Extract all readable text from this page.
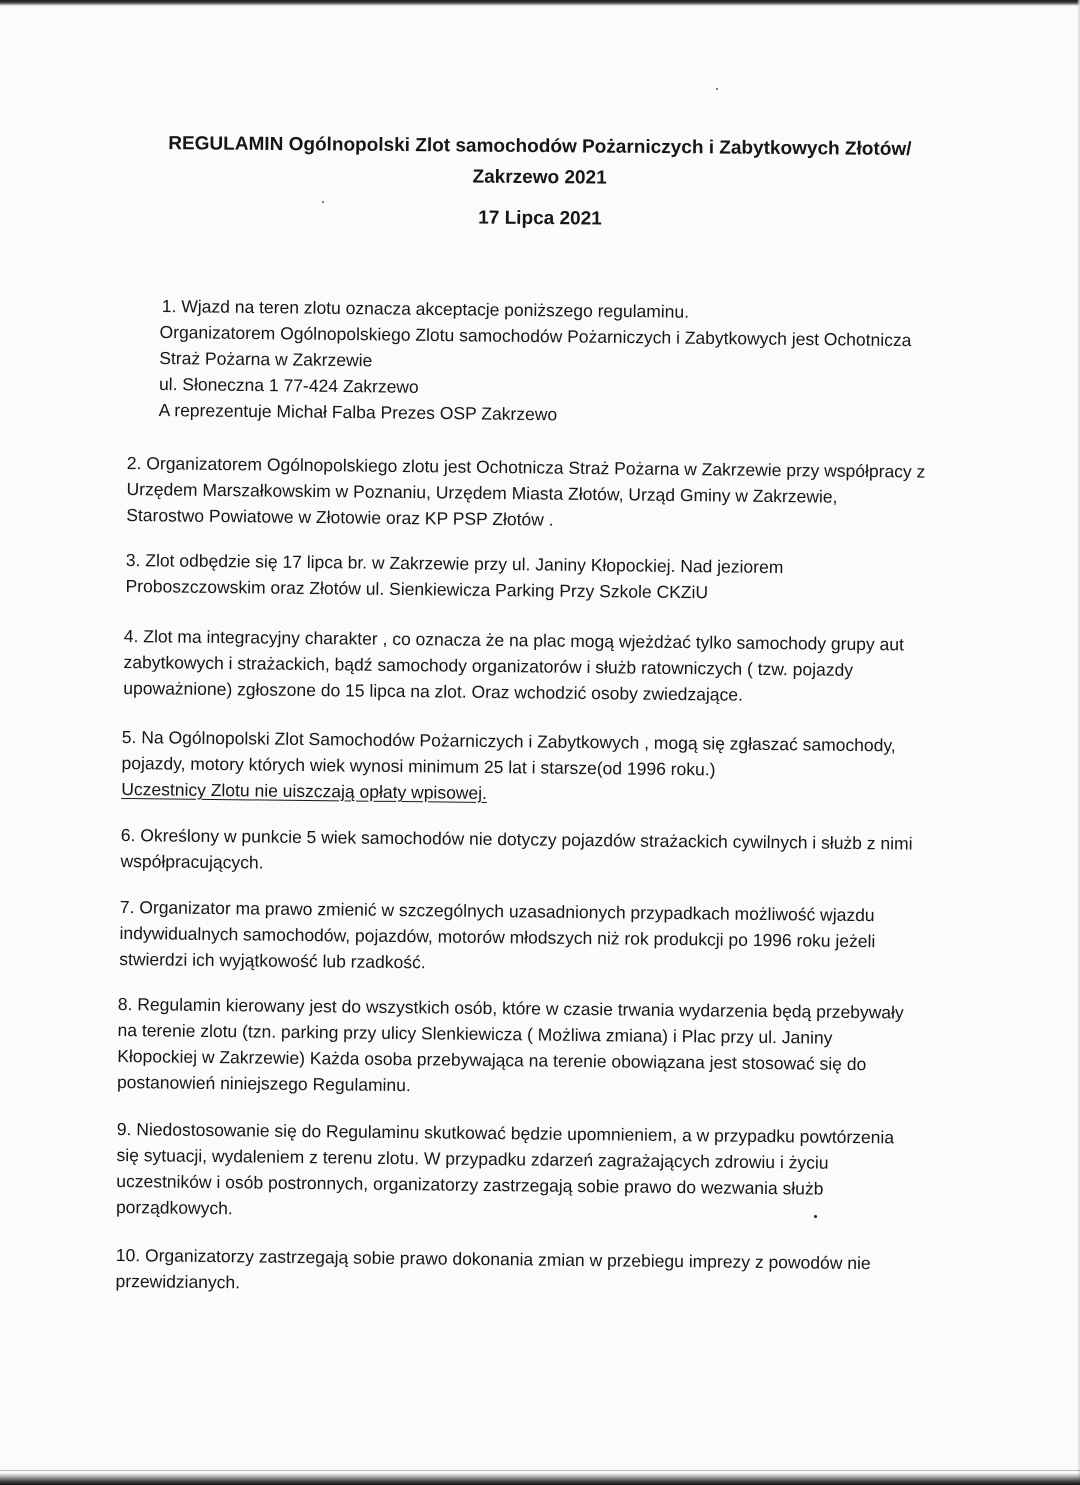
REGULAMIN Ogólnopolski Zlot samochodów Pożarniczych i Zabytkowych Złotów/
Zakrzewo 2021
17 Lipca 2021
1. Wjazd na teren zlotu oznacza akceptacje poniższego regulaminu.
Organizatorem Ogólnopolskiego Zlotu samochodów Pożarniczych i Zabytkowych jest Ochotnicza
Straż Pożarna w Zakrzewie
ul. Słoneczna 1 77-424 Zakrzewo
A reprezentuje Michał Falba Prezes OSP Zakrzewo
2. Organizatorem Ogólnopolskiego zlotu jest Ochotnicza Straż Pożarna w Zakrzewie przy współpracy z
Urzędem Marszałkowskim w Poznaniu, Urzędem Miasta Złotów, Urząd Gminy w Zakrzewie,
Starostwo Powiatowe w Złotowie oraz KP PSP Złotów .
3. Zlot odbędzie się 17 lipca br. w Zakrzewie przy ul. Janiny Kłopockiej. Nad jeziorem
Proboszczowskim oraz Złotów ul. Sienkiewicza Parking Przy Szkole CKZiU
4. Zlot ma integracyjny charakter , co oznacza że na plac mogą wjeżdżać tylko samochody grupy aut
zabytkowych i strażackich, bądź samochody organizatorów i służb ratowniczych ( tzw. pojazdy
upoważnione) zgłoszone do 15 lipca na zlot. Oraz wchodzić osoby zwiedzające.
5. Na Ogólnopolski Zlot Samochodów Pożarniczych i Zabytkowych , mogą się zgłaszać samochody,
pojazdy, motory których wiek wynosi minimum 25 lat i starsze(od 1996 roku.)
Uczestnicy Zlotu nie uiszczają opłaty wpisowej.
6. Określony w punkcie 5 wiek samochodów nie dotyczy pojazdów strażackich cywilnych i służb z nimi
współpracujących.
7. Organizator ma prawo zmienić w szczególnych uzasadnionych przypadkach możliwość wjazdu
indywidualnych samochodów, pojazdów, motorów młodszych niż rok produkcji po 1996 roku jeżeli
stwierdzi ich wyjątkowość lub rzadkość.
8. Regulamin kierowany jest do wszystkich osób, które w czasie trwania wydarzenia będą przebywały
na terenie zlotu (tzn. parking przy ulicy Slenkiewicza ( Możliwa zmiana) i Plac przy ul. Janiny
Kłopockiej w Zakrzewie) Każda osoba przebywająca na terenie obowiązana jest stosować się do
postanowień niniejszego Regulaminu.
9. Niedostosowanie się do Regulaminu skutkować będzie upomnieniem, a w przypadku powtórzenia
się sytuacji, wydaleniem z terenu zlotu. W przypadku zdarzeń zagrażających zdrowiu i życiu
uczestników i osób postronnych, organizatorzy zastrzegają sobie prawo do wezwania służb
porządkowych.
10. Organizatorzy zastrzegają sobie prawo dokonania zmian w przebiegu imprezy z powodów nie
przewidzianych.
